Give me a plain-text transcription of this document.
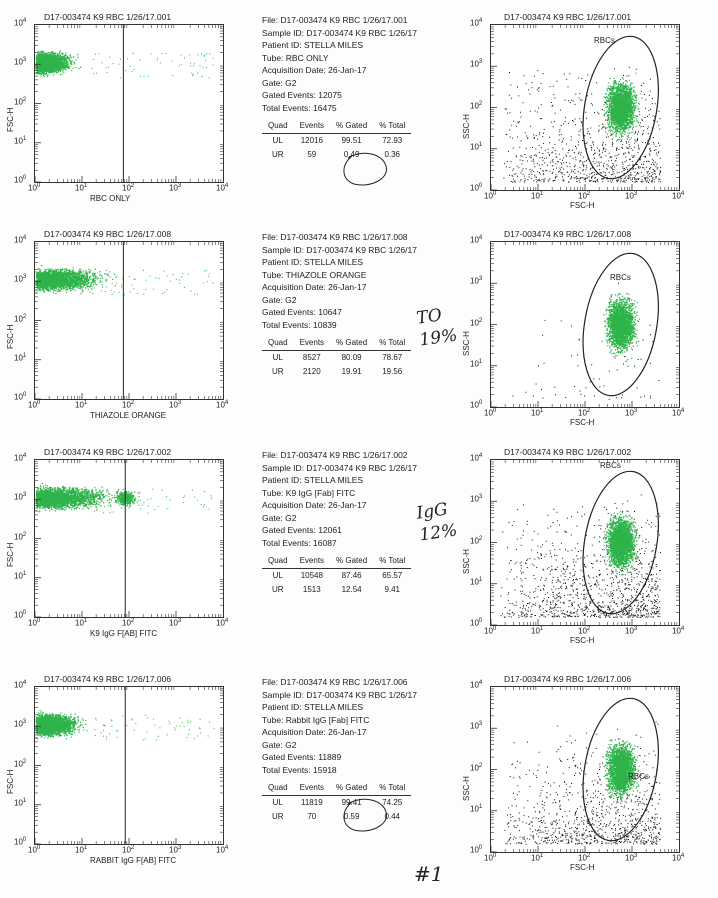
D17-003474 K9 RBC 1/26/17.001
FSC-H
RBC ONLY
$10^0$	$10^1$	$10^2$	$10^3$	$10^4$
$10^0$
$10^1$
$10^2$
$10^3$
$10^4$	File: D17-003474 K9 RBC 1/26/17.001
Sample ID: D17-003474 K9 RBC 1/26/17
Patient ID: STELLA MILES
Tube: RBC ONLY
Acquisition Date: 26-Jan-17
Gate: G2
Gated Events: 12075
Total Events: 16475
Quad	Events	% Gated	% Total
UL	12016	99.51	72.93
UR	59	0.49	0.36
D17-003474 K9 RBC 1/26/17.001
RBCs
SSC-H
FSC-H
$10^0$	$10^1$	$10^2$	$10^3$	$10^4$
$10^0$
$10^1$
$10^2$
$10^3$
$10^4$
D17-003474 K9 RBC 1/26/17.008
FSC-H
THIAZOLE ORANGE
$10^0$	$10^1$	$10^2$	$10^3$	$10^4$
$10^0$
$10^1$
$10^2$
$10^3$
$10^4$	File: D17-003474 K9 RBC 1/26/17.008
Sample ID: D17-003474 K9 RBC 1/26/17
Patient ID: STELLA MILES
Tube: THIAZOLE ORANGE
Acquisition Date: 26-Jan-17
Gate: G2
Gated Events: 10647
Total Events: 10839
Quad	Events	% Gated	% Total
UL	8527	80.09	78.67
UR	2120	19.91	19.56
TO
19%
D17-003474 K9 RBC 1/26/17.008
RBCs
SSC-H
FSC-H
$10^0$	$10^1$	$10^2$	$10^3$	$10^4$
$10^0$
$10^1$
$10^2$
$10^3$
$10^4$
D17-003474 K9 RBC 1/26/17.002
FSC-H
K9 IgG F[AB] FITC
$10^0$	$10^1$	$10^2$	$10^3$	$10^4$
$10^0$
$10^1$
$10^2$
$10^3$
$10^4$	File: D17-003474 K9 RBC 1/26/17.002
Sample ID: D17-003474 K9 RBC 1/26/17
Patient ID: STELLA MILES
Tube: K9 IgG [Fab] FITC
Acquisition Date: 26-Jan-17
Gate: G2
Gated Events: 12061
Total Events: 16087
Quad	Events	% Gated	% Total
UL	10548	87.46	65.57
UR	1513	12.54	9.41
IgG
12%
D17-003474 K9 RBC 1/26/17.002
RBCs
SSC-H
FSC-H
$10^0$	$10^1$	$10^2$	$10^3$	$10^4$
$10^0$
$10^1$
$10^2$
$10^3$
$10^4$
D17-003474 K9 RBC 1/26/17.006
FSC-H
RABBIT IgG F[AB] FITC
$10^0$	$10^1$	$10^2$	$10^3$	$10^4$
$10^0$
$10^1$
$10^2$
$10^3$
$10^4$	File: D17-003474 K9 RBC 1/26/17.006
Sample ID: D17-003474 K9 RBC 1/26/17
Patient ID: STELLA MILES
Tube: Rabbit IgG [Fab] FITC
Acquisition Date: 26-Jan-17
Gate: G2
Gated Events: 11889
Total Events: 15918
Quad	Events	% Gated	% Total
UL	11819	99.41	74.25
UR	70	0.59	0.44
D17-003474 K9 RBC 1/26/17.006
RBCs
SSC-H
FSC-H
$10^0$	$10^1$	$10^2$	$10^3$	$10^4$
$10^0$
$10^1$
$10^2$
$10^3$
$10^4$
#1
